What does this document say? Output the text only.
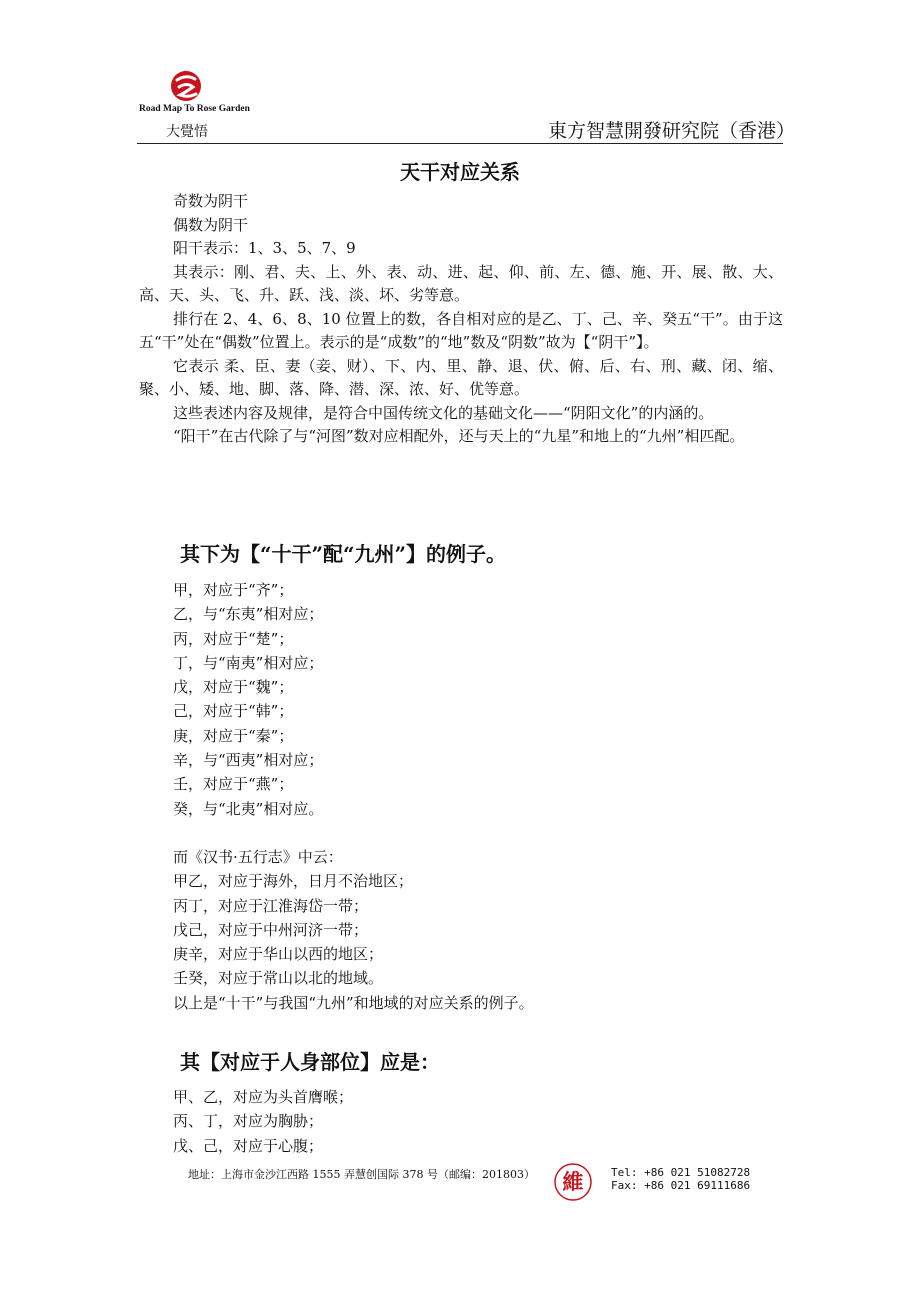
Road Map To Rose Garden
大覺悟	東方智慧開發研究院（香港）
天干对应关系

奇数为阴干

偶数为阴干

阳干表示：1、3、5、7、9

其表示：刚、君、夫、上、外、表、动、进、起、仰、前、左、德、施、开、展、散、大、高、天、头、飞、升、跃、浅、淡、坏、劣等意。

排行在 2、4、6、8、10 位置上的数，各自相对应的是乙、丁、己、辛、癸五“干”。由于这五“干”处在“偶数”位置上。表示的是“成数”的“地”数及“阴数”故为【“阴干”】。

它表示 柔、臣、妻（妾、财）、下、内、里、静、退、伏、俯、后、右、刑、藏、闭、缩、聚、小、矮、地、脚、落、降、潜、深、浓、好、优等意。

这些表述内容及规律，是符合中国传统文化的基础文化——“阴阳文化”的内涵的。

“阳干”在古代除了与“河图”数对应相配外，还与天上的“九星”和地上的“九州”相匹配。

其下为【“十干”配“九州”】的例子。
甲，对应于“齐”；
乙，与“东夷”相对应；
丙，对应于“楚”；
丁，与“南夷”相对应；
戊，对应于“魏”；
己，对应于“韩”；
庚，对应于“秦”；
辛，与“西夷”相对应；
壬，对应于“燕”；
癸，与“北夷”相对应。
而《汉书·五行志》中云：
甲乙，对应于海外，日月不治地区；
丙丁，对应于江淮海岱一带；
戊己，对应于中州河济一带；
庚辛，对应于华山以西的地区；
壬癸，对应于常山以北的地域。
以上是“十干”与我国“九州”和地域的对应关系的例子。
其【对应于人身部位】应是：
甲、乙，对应为头首膺喉；
丙、丁，对应为胸胁；
戊、己，对应于心腹；
地址：上海市金沙江西路 1555 弄慧创国际 378 号（邮编：201803） 維	Tel: +86 021 51082728
Fax: +86 021 69111686
